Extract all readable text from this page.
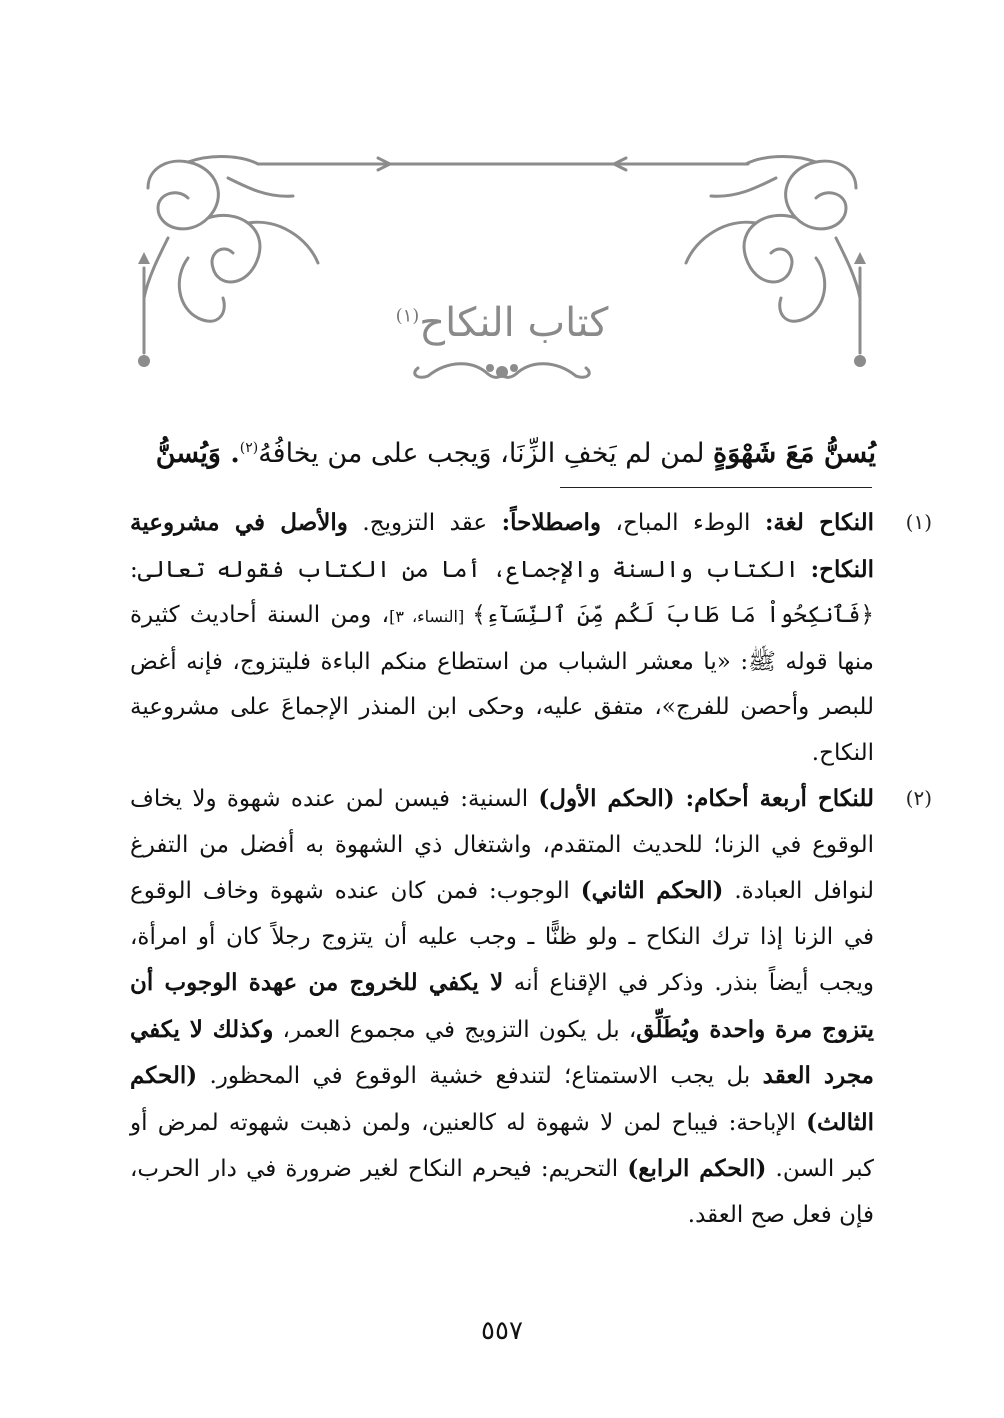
كتاب النكاح$^{(١)}$
يُسنُّ مَعَ شَهْوَةٍ لمن لم يَخفِ الزِّنَا، وَيجب على من يخافُهُ$^{(٢)}$. وَيُسنُّ
(١)

النكاح لغة: الوطء المباح، واصطلاحاً: عقد التزويج. والأصل في مشروعية النكاح: الكتاب والسنة والإجماع، أما من الكتاب فقوله تعالى: ﴿فَٱنكِحُواْ مَا طَابَ لَكُم مِّنَ ٱلنِّسَآءِ﴾ [النساء، ٣]، ومن السنة أحاديث كثيرة منها قوله ﷺ: «يا معشر الشباب من استطاع منكم الباءة فليتزوج، فإنه أغض للبصر وأحصن للفرج»، متفق عليه، وحكى ابن المنذر الإجماعَ على مشروعية النكاح.

(٢)

للنكاح أربعة أحكام: (الحكم الأول) السنية: فيسن لمن عنده شهوة ولا يخاف الوقوع في الزنا؛ للحديث المتقدم، واشتغال ذي الشهوة به أفضل من التفرغ لنوافل العبادة. (الحكم الثاني) الوجوب: فمن كان عنده شهوة وخاف الوقوع في الزنا إذا ترك النكاح ـ ولو ظنًّا ـ وجب عليه أن يتزوج رجلاً كان أو امرأة، ويجب أيضاً بنذر. وذكر في الإقناع أنه لا يكفي للخروج من عهدة الوجوب أن يتزوج مرة واحدة ويُطَلِّق، بل يكون التزويج في مجموع العمر، وكذلك لا يكفي مجرد العقد بل يجب الاستمتاع؛ لتندفع خشية الوقوع في المحظور. (الحكم الثالث) الإباحة: فيباح لمن لا شهوة له كالعنين، ولمن ذهبت شهوته لمرض أو كبر السن. (الحكم الرابع) التحريم: فيحرم النكاح لغير ضرورة في دار الحرب، فإن فعل صح العقد.

٥٥٧
